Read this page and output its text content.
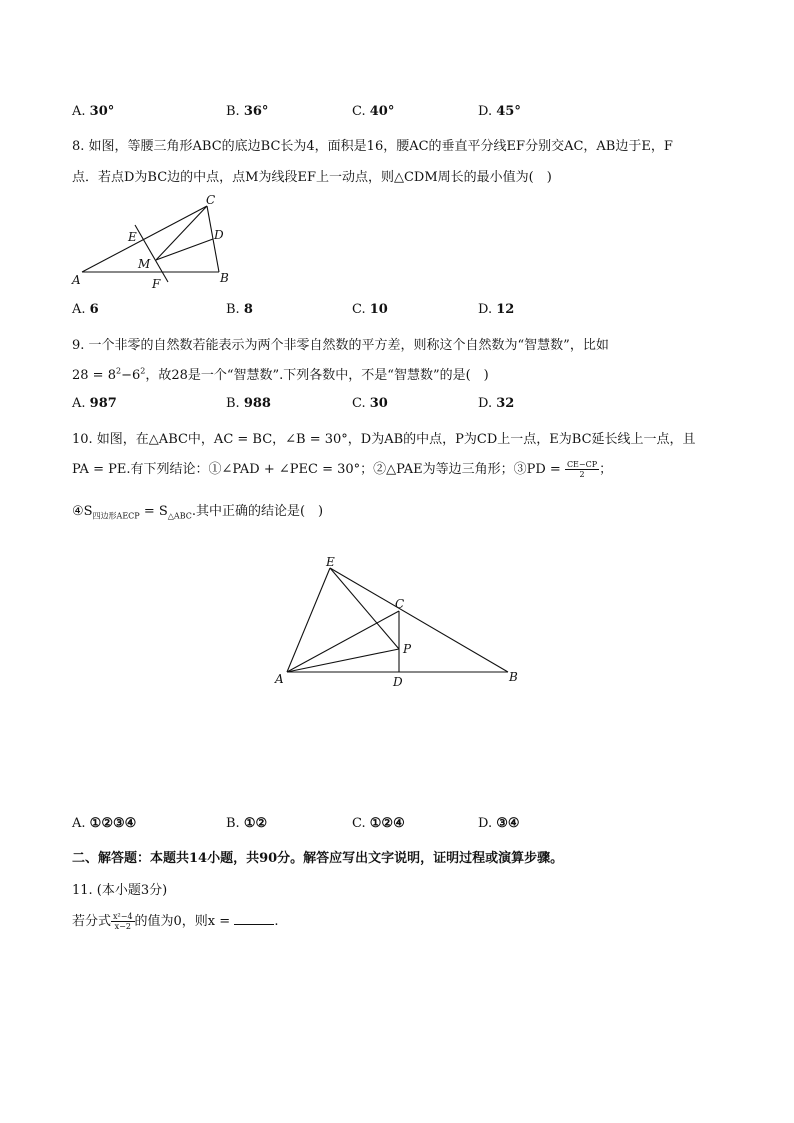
A. 30°	B. 36°	C. 40°	D. 45°
8. 如图，等腰三角形ABC的底边BC长为4，面积是16，腰AC的垂直平分线EF分别交AC，AB边于E，F
点．若点D为BC边的中点，点M为线段EF上一动点，则△CDM周长的最小值为(　)
C
E	D
M
A	F	B
A. 6	B. 8	C. 10	D. 12
9. 一个非零的自然数若能表示为两个非零自然数的平方差，则称这个自然数为“智慧数”，比如
$28 = 8^2-6^2$，故28是一个“智慧数”.下列各数中，不是“智慧数”的是(　)
A. 987	B. 988	C. 30	D. 32
10. 如图，在△ABC中，AC = BC，∠B = 30°，D为AB的中点，P为CD上一点，E为BC延长线上一点，且
PA = PE.有下列结论：①∠PAD + ∠PEC = 30°；②△PAE为等边三角形；③PD = $\frac{CE-CP}{2}$ ；
$④S_{四边形AECP} = S_{\triangle ABC}$.其中正确的结论是(　)
E
C
P
A	D	B
A. ①②③④	B. ①②	C. ①②④	D. ③④
二、解答题：本题共14小题，共90分。解答应写出文字说明，证明过程或演算步骤。
11. (本小题3分)
若分式 $\frac{\text{x²−4}}{x-2}$ 的值为0，则x =	.
